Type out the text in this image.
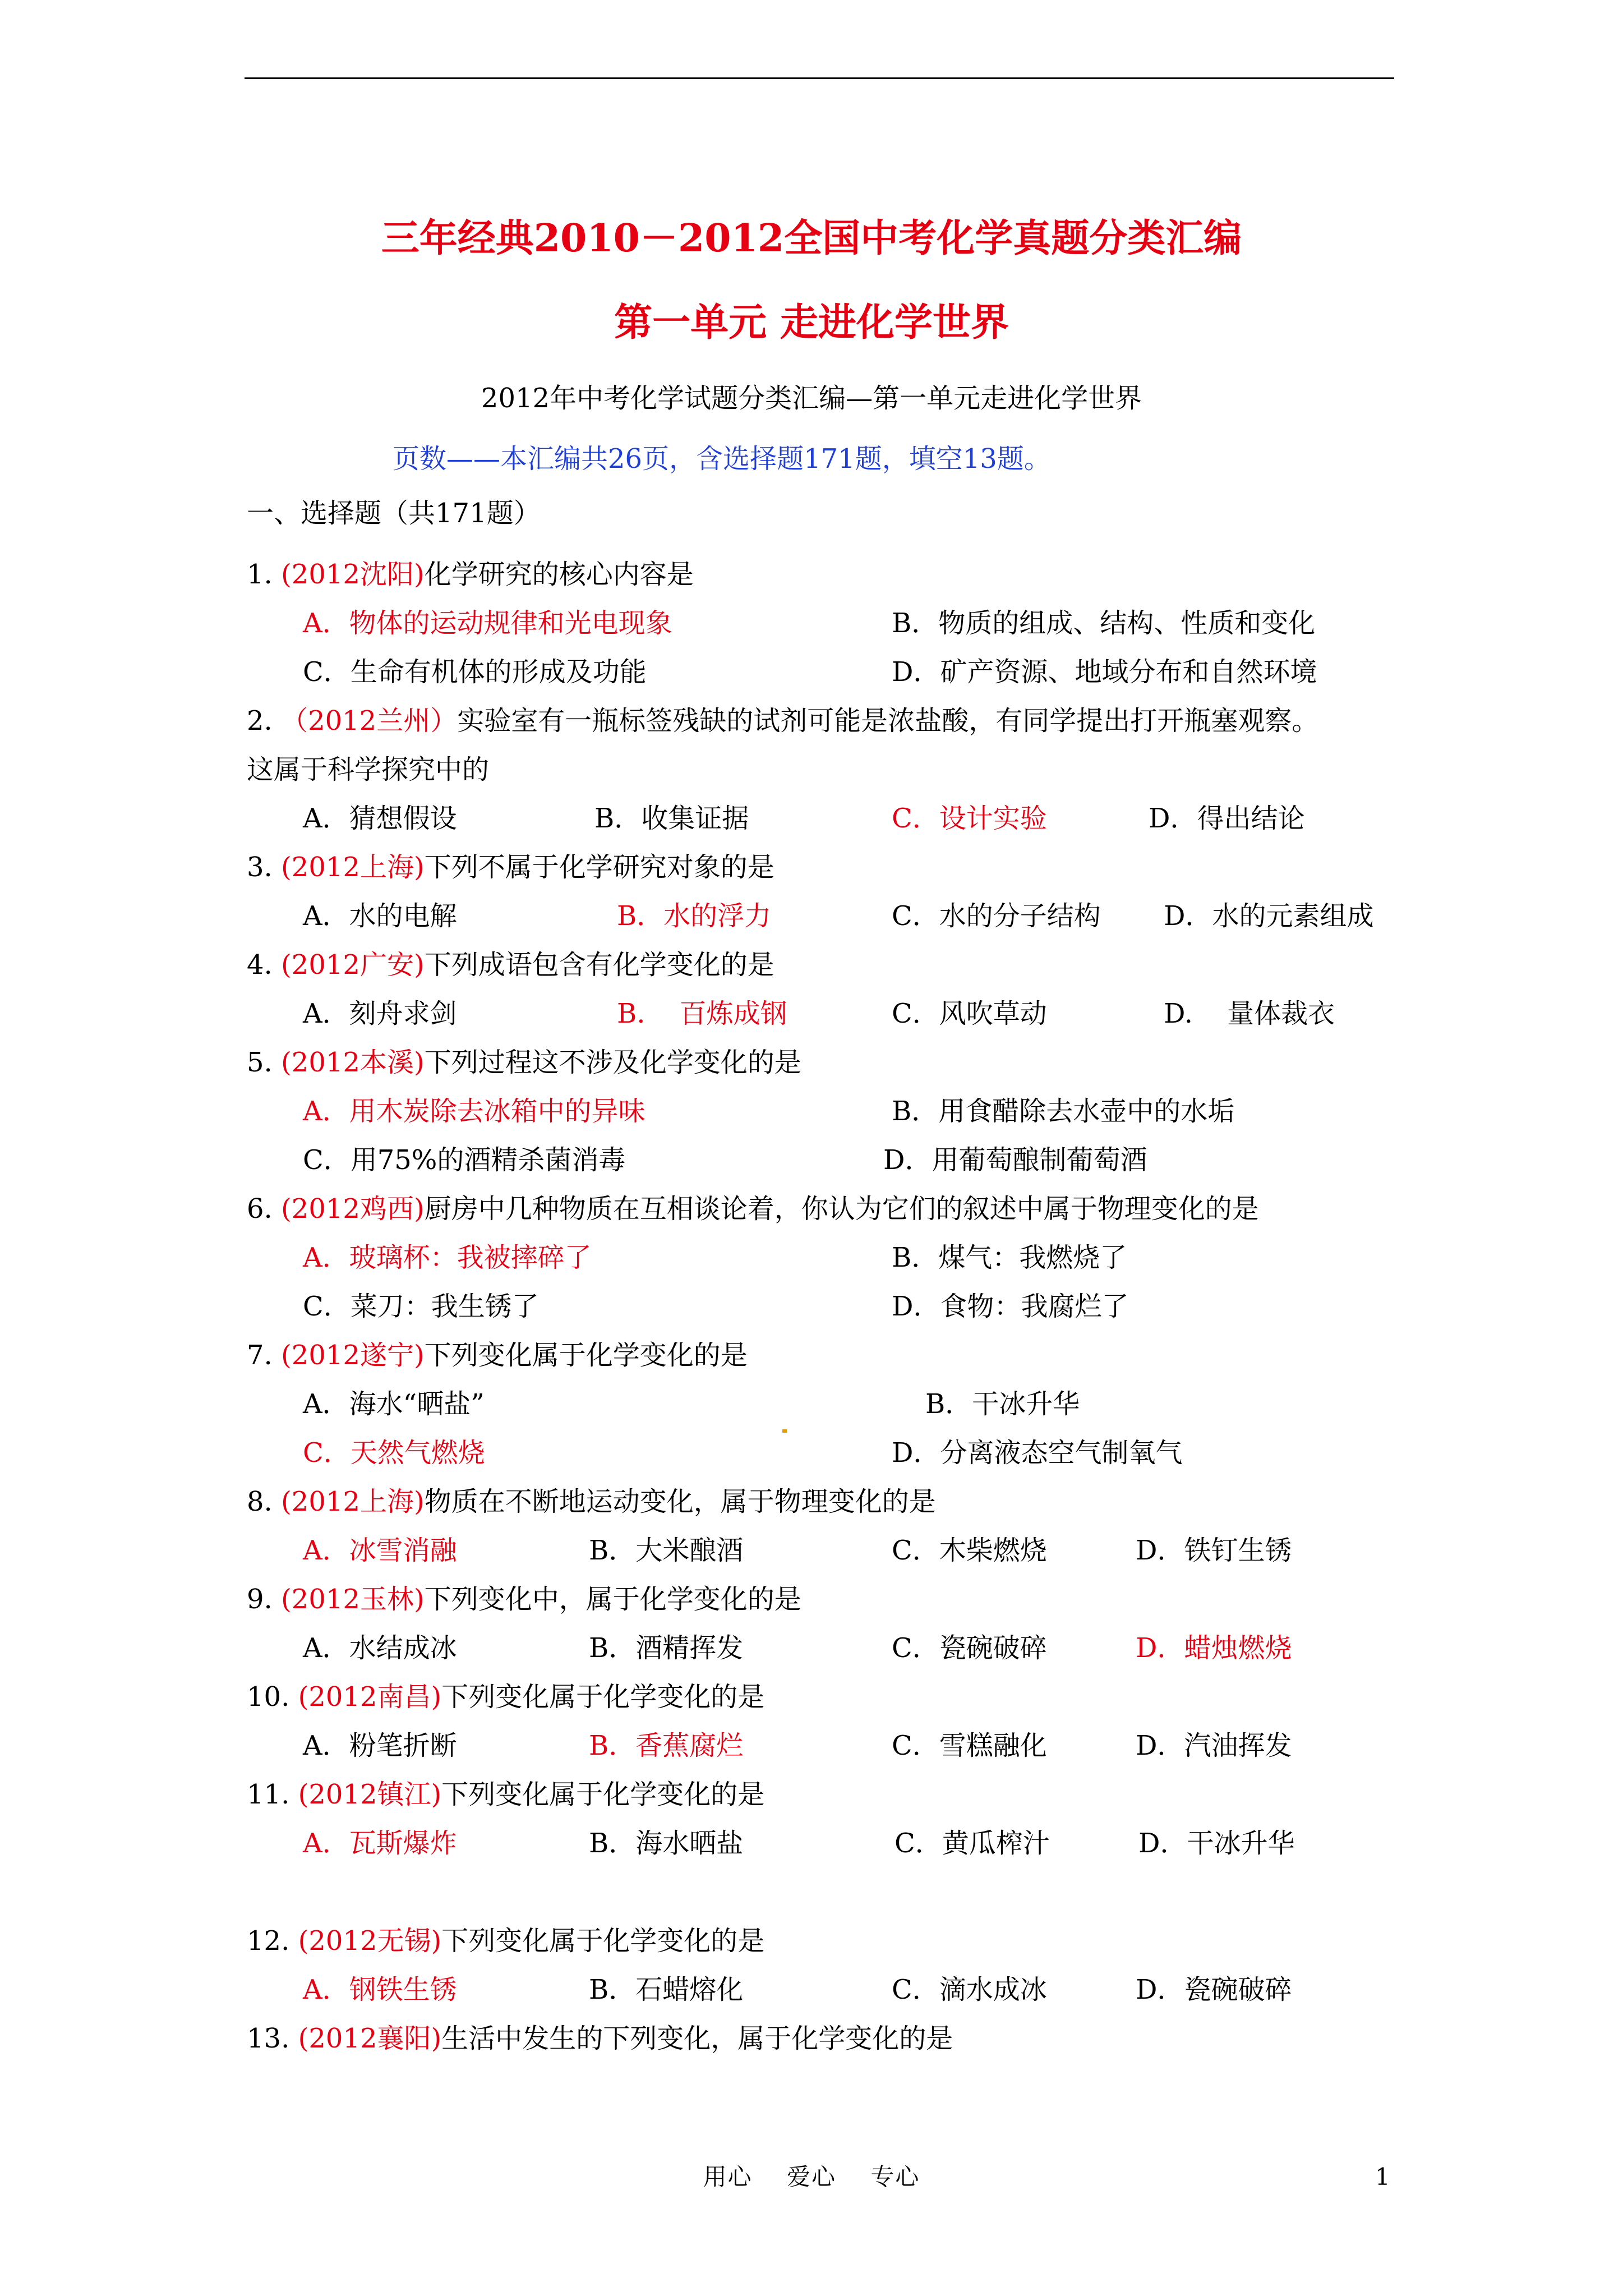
三年经典2010－2012全国中考化学真题分类汇编
第一单元 走进化学世界
2012年中考化学试题分类汇编—第一单元走进化学世界
页数——本汇编共26页，含选择题171题，填空13题。
一、选择题（共171题）
1. (2012沈阳)化学研究的核心内容是
A．物体的运动规律和光电现象	B．物质的组成、结构、性质和变化
C．生命有机体的形成及功能	D．矿产资源、地域分布和自然环境
2. （2012兰州）实验室有一瓶标签残缺的试剂可能是浓盐酸，有同学提出打开瓶塞观察。
这属于科学探究中的
A．猜想假设	B．收集证据	C．设计实验	D．得出结论
3. (2012上海)下列不属于化学研究对象的是
A．水的电解	B．水的浮力	C．水的分子结构 D．水的元素组成
4. (2012广安)下列成语包含有化学变化的是
A．刻舟求剑	B.    百炼成钢	C．风吹草动	D.    量体裁衣
5. (2012本溪)下列过程这不涉及化学变化的是
A．用木炭除去冰箱中的异味	B．用食醋除去水壶中的水垢
C．用75%的酒精杀菌消毒	D．用葡萄酿制葡萄酒
6. (2012鸡西)厨房中几种物质在互相谈论着，你认为它们的叙述中属于物理变化的是
A．玻璃杯：我被摔碎了	B．煤气：我燃烧了
C．菜刀：我生锈了	D．食物：我腐烂了
7. (2012遂宁)下列变化属于化学变化的是
A．海水“晒盐”	B．干冰升华
C．天然气燃烧	D．分离液态空气制氧气
8. (2012上海)物质在不断地运动变化，属于物理变化的是
A．冰雪消融	B．大米酿酒	C．木柴燃烧	D．铁钉生锈
9. (2012玉林)下列变化中，属于化学变化的是
A．水结成冰	B．酒精挥发	C．瓷碗破碎	D．蜡烛燃烧
10. (2012南昌)下列变化属于化学变化的是
A．粉笔折断	B．香蕉腐烂	C．雪糕融化	D．汽油挥发
11. (2012镇江)下列变化属于化学变化的是
A．瓦斯爆炸	B．海水晒盐	C．黄瓜榨汁	D．干冰升华
12. (2012无锡)下列变化属于化学变化的是
A．钢铁生锈	B．石蜡熔化	C．滴水成冰	D．瓷碗破碎
13. (2012襄阳)生活中发生的下列变化，属于化学变化的是
用心    爱心    专心	1
